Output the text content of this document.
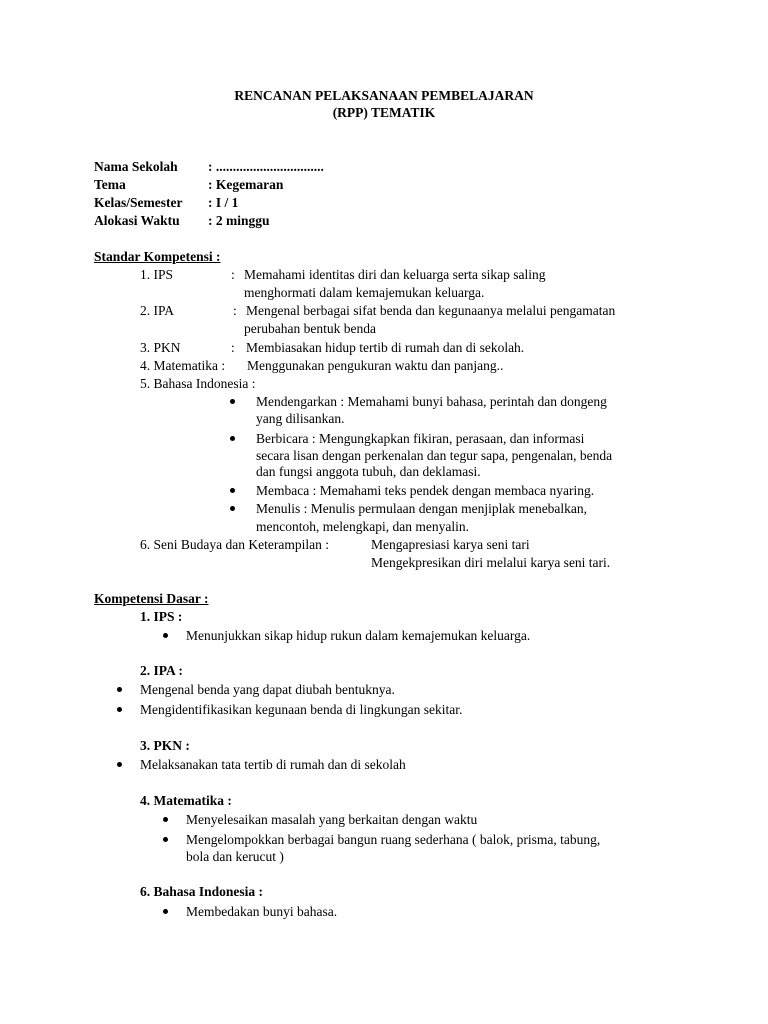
RENCANAN PELAKSANAAN PEMBELAJARAN
(RPP) TEMATIK
Nama Sekolah : ................................
Tema	: Kegemaran
Kelas/Semester : I / 1
Alokasi Waktu : 2 minggu
Standar Kompetensi :
1. IPS	: Memahami identitas diri dan keluarga serta sikap saling
menghormati dalam kemajemukan keluarga.
2. IPA	: Mengenal berbagai sifat benda dan kegunaanya melalui pengamatan
perubahan bentuk benda
3. PKN	: Membiasakan hidup tertib di rumah dan di sekolah.
4. Matematika : Menggunakan pengukuran waktu dan panjang..
5. Bahasa Indonesia :
Mendengarkan : Memahami bunyi bahasa, perintah dan dongeng
yang dilisankan.
Berbicara : Mengungkapkan fikiran, perasaan, dan informasi
secara lisan dengan perkenalan dan tegur sapa, pengenalan, benda
dan fungsi anggota tubuh, dan deklamasi.
Membaca : Memahami teks pendek dengan membaca nyaring.
Menulis : Menulis permulaan dengan menjiplak menebalkan,
mencontoh, melengkapi, dan menyalin.
6. Seni Budaya dan Keterampilan :	Mengapresiasi karya seni tari
Mengekpresikan diri melalui karya seni tari.
Kompetensi Dasar :
1. IPS :
Menunjukkan sikap hidup rukun dalam kemajemukan keluarga.
2. IPA :
Mengenal benda yang dapat diubah bentuknya.
Mengidentifikasikan kegunaan benda di lingkungan sekitar.
3. PKN :
Melaksanakan tata tertib di rumah dan di sekolah
4. Matematika :
Menyelesaikan masalah yang berkaitan dengan waktu
Mengelompokkan berbagai bangun ruang sederhana ( balok, prisma, tabung,
bola dan kerucut )
6. Bahasa Indonesia :
Membedakan bunyi bahasa.
